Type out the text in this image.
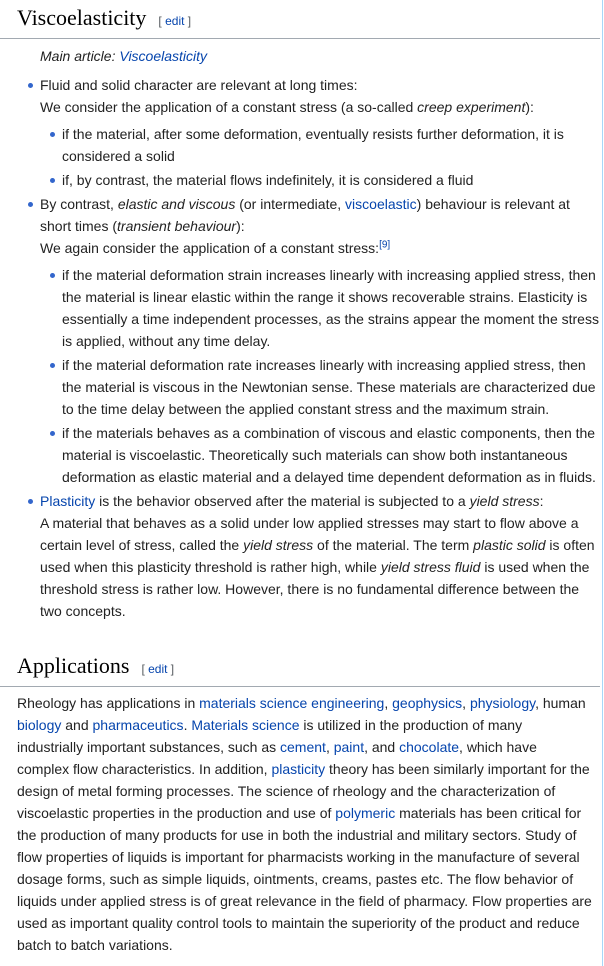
Viscoelasticity [ edit ]
Main article: Viscoelasticity
Fluid and solid character are relevant at long times:
We consider the application of a constant stress (a so-called creep experiment):
if the material, after some deformation, eventually resists further deformation, it is considered a solid
if, by contrast, the material flows indefinitely, it is considered a fluid
By contrast, elastic and viscous (or intermediate, viscoelastic) behaviour is relevant at short times (transient behaviour):
We again consider the application of a constant stress:[9]
if the material deformation strain increases linearly with increasing applied stress, then the material is linear elastic within the range it shows recoverable strains. Elasticity is essentially a time independent processes, as the strains appear the moment the stress is applied, without any time delay.
if the material deformation rate increases linearly with increasing applied stress, then the material is viscous in the Newtonian sense. These materials are characterized due to the time delay between the applied constant stress and the maximum strain.
if the materials behaves as a combination of viscous and elastic components, then the material is viscoelastic. Theoretically such materials can show both instantaneous deformation as elastic material and a delayed time dependent deformation as in fluids.
Plasticity is the behavior observed after the material is subjected to a yield stress:
A material that behaves as a solid under low applied stresses may start to flow above a certain level of stress, called the yield stress of the material. The term plastic solid is often used when this plasticity threshold is rather high, while yield stress fluid is used when the threshold stress is rather low. However, there is no fundamental difference between the two concepts.
Applications [ edit ]

Rheology has applications in materials science engineering, geophysics, physiology, human biology and pharmaceutics. Materials science is utilized in the production of many industrially important substances, such as cement, paint, and chocolate, which have complex flow characteristics. In addition, plasticity theory has been similarly important for the design of metal forming processes. The science of rheology and the characterization of viscoelastic properties in the production and use of polymeric materials has been critical for the production of many products for use in both the industrial and military sectors. Study of flow properties of liquids is important for pharmacists working in the manufacture of several dosage forms, such as simple liquids, ointments, creams, pastes etc. The flow behavior of liquids under applied stress is of great relevance in the field of pharmacy. Flow properties are used as important quality control tools to maintain the superiority of the product and reduce batch to batch variations.
